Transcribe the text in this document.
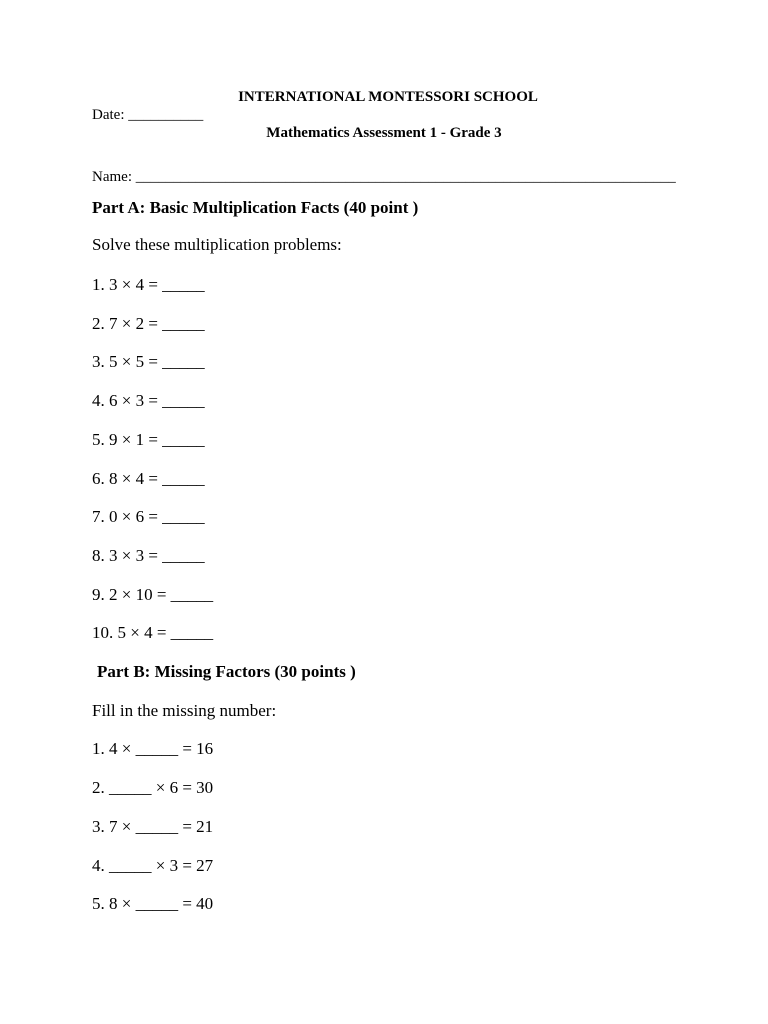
INTERNATIONAL MONTESSORI SCHOOL
Date: __________
Mathematics Assessment 1 - Grade 3
Name: ________________________________________________________________________
Part A: Basic Multiplication Facts (40 point )
Solve these multiplication problems:
1. 3 × 4 = _____
2. 7 × 2 = _____
3. 5 × 5 = _____
4. 6 × 3 = _____
5. 9 × 1 = _____
6. 8 × 4 = _____
7. 0 × 6 = _____
8. 3 × 3 = _____
9. 2 × 10 = _____
10. 5 × 4 = _____
Part B: Missing Factors (30 points )
Fill in the missing number:
1. 4 × _____ = 16
2. _____ × 6 = 30
3. 7 × _____ = 21
4. _____ × 3 = 27
5. 8 × _____ = 40
